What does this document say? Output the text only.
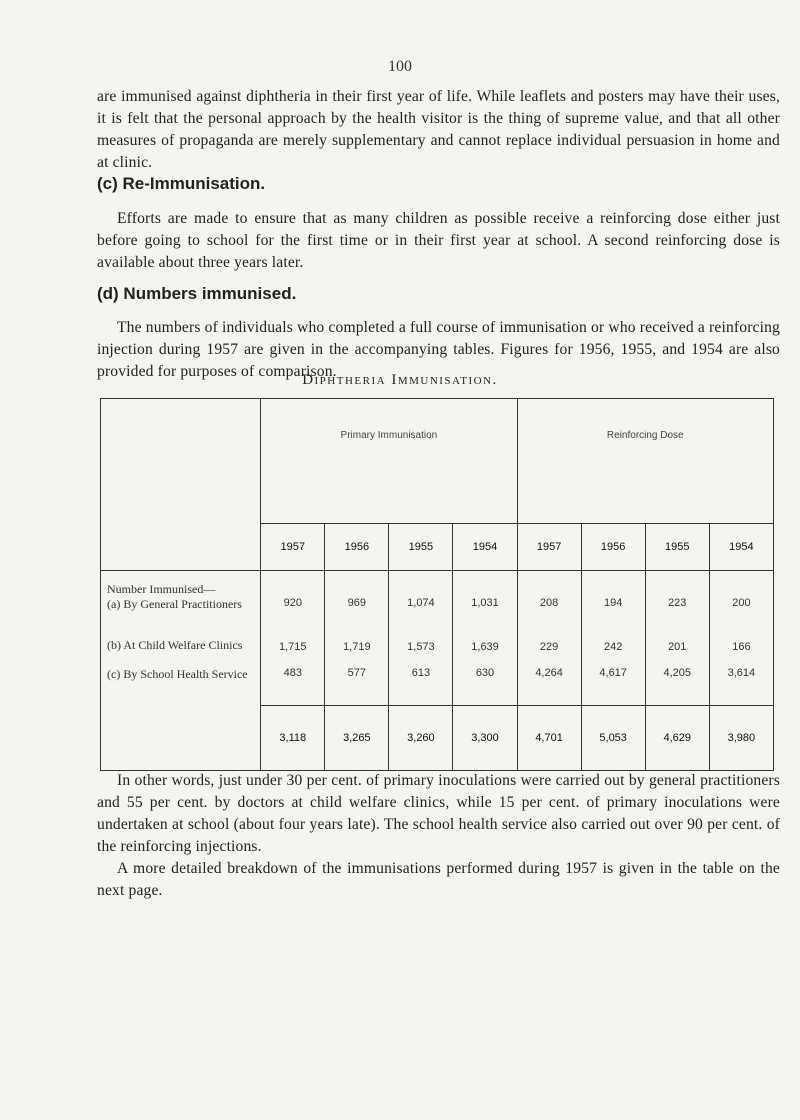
100

are immunised against diphtheria in their first year of life. While leaflets and posters may have their uses, it is felt that the personal approach by the health visitor is the thing of supreme value, and that all other measures of propaganda are merely supplementary and cannot replace individual persuasion in home and at clinic.

(c) Re-Immunisation.

Efforts are made to ensure that as many children as possible receive a reinforcing dose either just before going to school for the first time or in their first year at school. A second reinforcing dose is available about three years later.

(d) Numbers immunised.

The numbers of individuals who completed a full course of immunisation or who received a reinforcing injection during 1957 are given in the accompanying tables. Figures for 1956, 1955, and 1954 are also provided for purposes of comparison.

Diphtheria Immunisation.

	Primary Immunisation				Reinforcing Dose			

	1957	1956	1955	1954	1957	1956	1955	1954
Number Immunised—								
(a) By General Practitioners	920	969	1,074	1,031	208	194	223	200
(b) At Child Welfare Clinics	1,715	1,719	1,573	1,639	229	242	201	166
(c) By School Health Service	483	577	613	630	4,264	4,617	4,205	3,614
	3,118	3,265	3,260	3,300	4,701	5,053	4,629	3,980

In other words, just under 30 per cent. of primary inoculations were carried out by general practitioners and 55 per cent. by doctors at child welfare clinics, while 15 per cent. of primary inoculations were undertaken at school (about four years late). The school health service also carried out over 90 per cent. of the reinforcing injections.

A more detailed breakdown of the immunisations performed during 1957 is given in the table on the next page.
